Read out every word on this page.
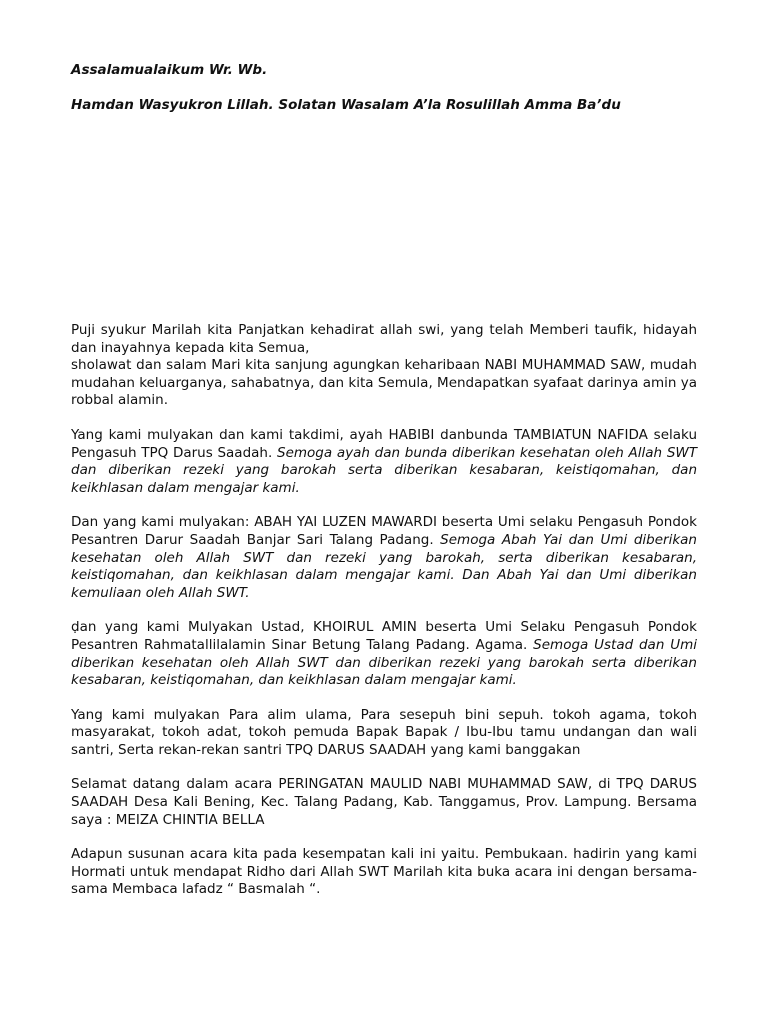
Assalamualaikum Wr. Wb.

Hamdan Wasyukron Lillah. Solatan Wasalam A’la Rosulillah Amma Ba’du

Puji syukur Marilah kita Panjatkan kehadirat allah swi, yang telah Memberi taufik, hidayah dan inayahnya kepada kita Semua,

sholawat dan salam Mari kita sanjung agungkan keharibaan NABI MUHAMMAD SAW, mudah mudahan keluarganya, sahabatnya, dan kita Semula, Mendapatkan syafaat darinya amin ya robbal alamin.

Yang kami mulyakan dan kami takdimi, ayah HABIBI danbunda TAMBIATUN NAFIDA selaku Pengasuh TPQ Darus Saadah. Semoga ayah dan bunda diberikan kesehatan oleh Allah SWT dan diberikan rezeki yang barokah serta diberikan kesabaran, keistiqomahan, dan keikhlasan dalam mengajar kami.

Dan yang kami mulyakan: ABAH YAI LUZEN MAWARDI beserta Umi selaku Pengasuh Pondok Pesantren Darur Saadah Banjar Sari Talang Padang. Semoga Abah Yai dan Umi diberikan kesehatan oleh Allah SWT dan rezeki yang barokah, serta diberikan kesabaran, keistiqomahan, dan keikhlasan dalam mengajar kami. Dan Abah Yai dan Umi diberikan kemuliaan oleh Allah SWT.

ḍan yang kami Mulyakan Ustad, KHOIRUL AMIN beserta Umi Selaku Pengasuh Pondok Pesantren Rahmatallilalamin Sinar Betung Talang Padang. Agama. Semoga Ustad dan Umi diberikan kesehatan oleh Allah SWT dan diberikan rezeki yang barokah serta diberikan kesabaran, keistiqomahan, dan keikhlasan dalam mengajar kami.

Yang kami mulyakan Para alim ulama, Para sesepuh bini sepuh. tokoh agama, tokoh masyarakat, tokoh adat, tokoh pemuda Bapak Bapak / Ibu-Ibu tamu undangan dan wali santri, Serta rekan-rekan santri TPQ DARUS SAADAH yang kami banggakan

Selamat datang dalam acara PERINGATAN MAULID NABI MUHAMMAD SAW, di TPQ DARUS SAADAH Desa Kali Bening, Kec. Talang Padang, Kab. Tanggamus, Prov. Lampung. Bersama saya : MEIZA CHINTIA BELLA

Adapun susunan acara kita pada kesempatan kali ini yaitu. Pembukaan. hadirin yang kami Hormati untuk mendapat Ridho dari Allah SWT Marilah kita buka acara ini dengan bersama-sama Membaca lafadz “ Basmalah “.
